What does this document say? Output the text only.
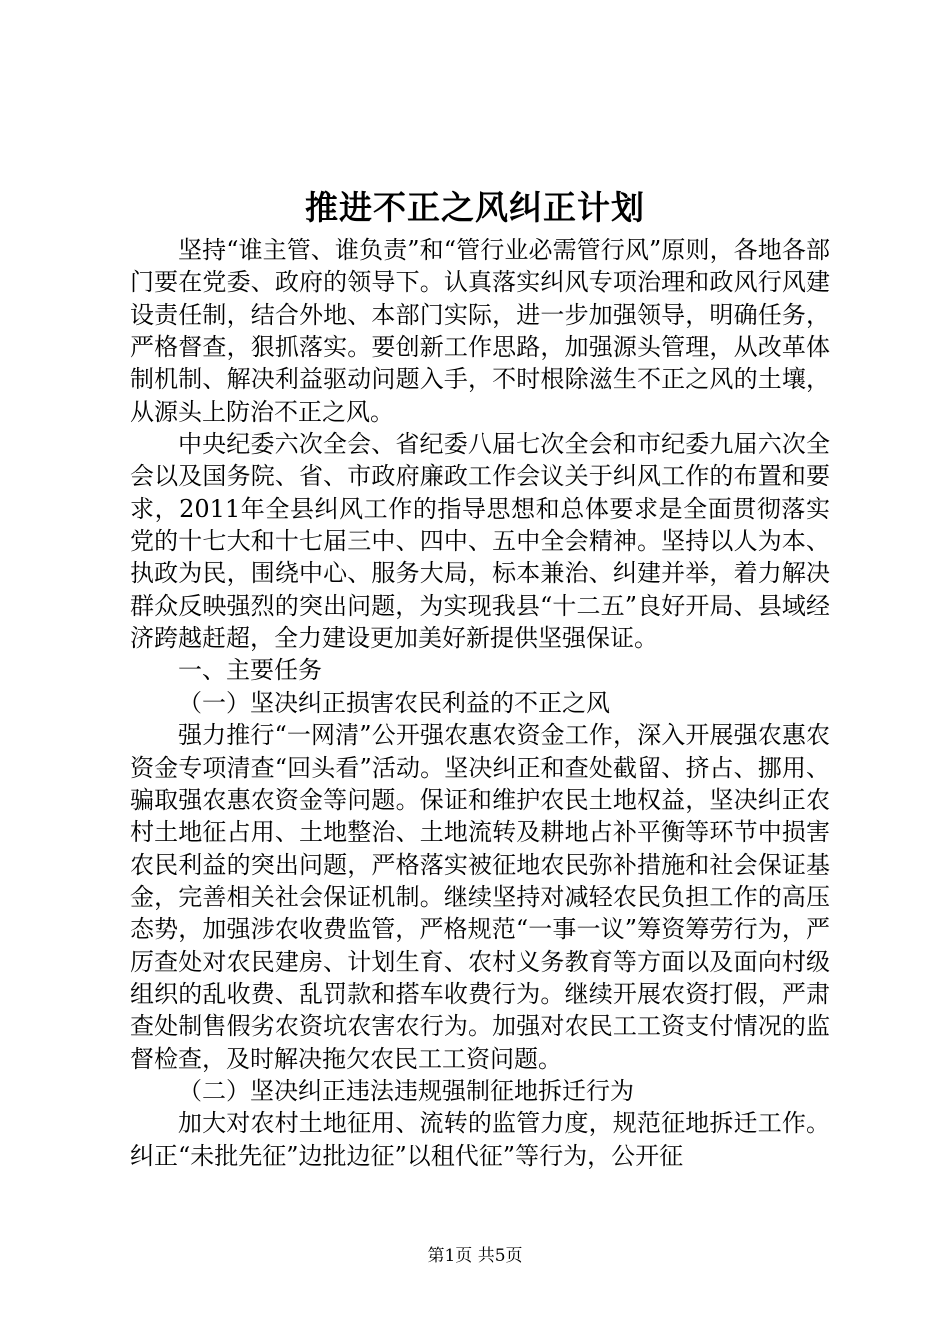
推进不正之风纠正计划

坚持“谁主管、谁负责”和“管行业必需管行风”原则，各地各部门要在党委、政府的领导下。认真落实纠风专项治理和政风行风建设责任制，结合外地、本部门实际，进一步加强领导，明确任务，严格督查，狠抓落实。要创新工作思路，加强源头管理，从改革体制机制、解决利益驱动问题入手，不时根除滋生不正之风的土壤，从源头上防治不正之风。

中央纪委六次全会、省纪委八届七次全会和市纪委九届六次全会以及国务院、省、市政府廉政工作会议关于纠风工作的布置和要求，2011年全县纠风工作的指导思想和总体要求是全面贯彻落实党的十七大和十七届三中、四中、五中全会精神。坚持以人为本、执政为民，围绕中心、服务大局，标本兼治、纠建并举，着力解决群众反映强烈的突出问题，为实现我县“十二五”良好开局、县域经济跨越赶超，全力建设更加美好新提供坚强保证。

一、主要任务

（一）坚决纠正损害农民利益的不正之风

强力推行“一网清”公开强农惠农资金工作，深入开展强农惠农资金专项清查“回头看”活动。坚决纠正和查处截留、挤占、挪用、骗取强农惠农资金等问题。保证和维护农民土地权益，坚决纠正农村土地征占用、土地整治、土地流转及耕地占补平衡等环节中损害农民利益的突出问题，严格落实被征地农民弥补措施和社会保证基金，完善相关社会保证机制。继续坚持对减轻农民负担工作的高压态势，加强涉农收费监管，严格规范“一事一议”筹资筹劳行为，严厉查处对农民建房、计划生育、农村义务教育等方面以及面向村级组织的乱收费、乱罚款和搭车收费行为。继续开展农资打假，严肃查处制售假劣农资坑农害农行为。加强对农民工工资支付情况的监督检查，及时解决拖欠农民工工资问题。

（二）坚决纠正违法违规强制征地拆迁行为

加大对农村土地征用、流转的监管力度，规范征地拆迁工作。纠正“未批先征”边批边征”以租代征”等行为，公开征

第1页 共5页
